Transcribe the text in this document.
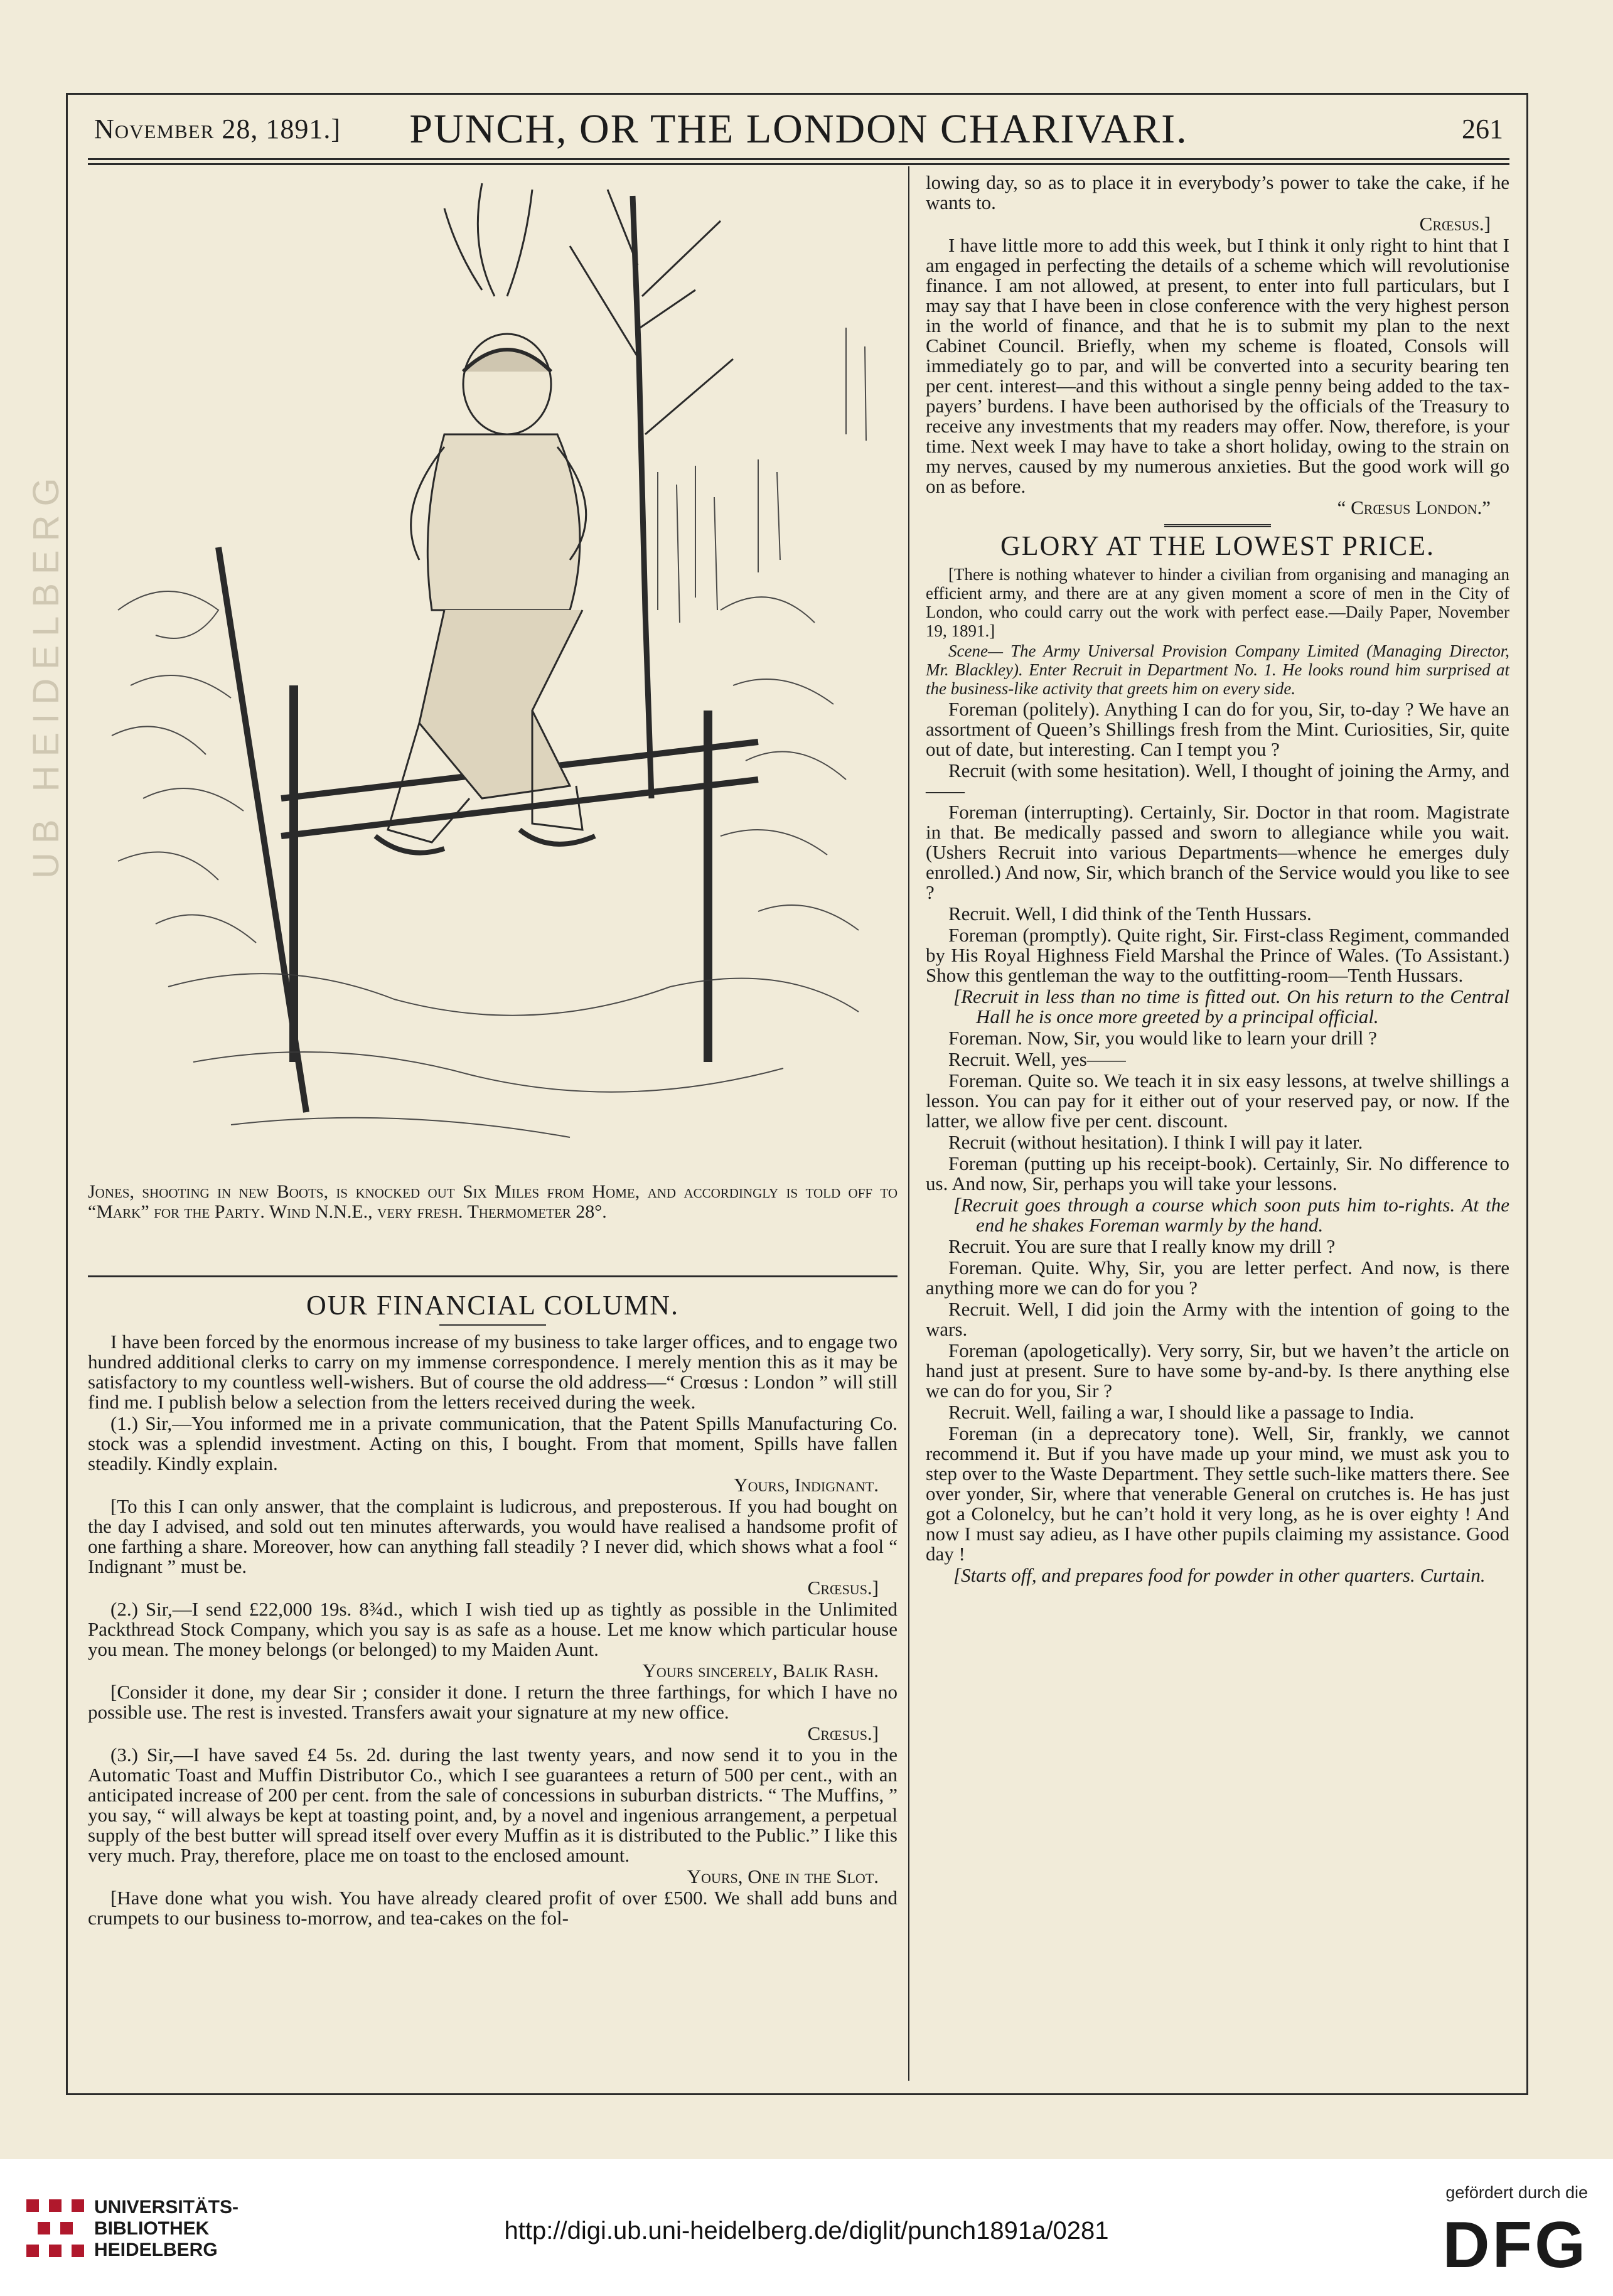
November 28, 1891.]	PUNCH, OR THE LONDON CHARIVARI.	261
UB HEIDELBERG
Jones, shooting in new Boots, is knocked out Six Miles from Home, and accordingly is told off to “Mark” for the Party. Wind N.N.E., very fresh. Thermometer 28°.
OUR FINANCIAL COLUMN.

I have been forced by the enormous increase of my business to take larger offices, and to engage two hundred additional clerks to carry on my immense correspondence. I merely mention this as it may be satisfactory to my countless well-wishers. But of course the old address—“ Crœsus : London ” will still find me. I publish below a selection from the letters received during the week.

(1.) Sir,—You informed me in a private communication, that the Patent Spills Manufacturing Co. stock was a splendid investment. Acting on this, I bought. From that moment, Spills have fallen steadily. Kindly explain.

Yours, Indignant.

[To this I can only answer, that the complaint is ludicrous, and preposterous. If you had bought on the day I advised, and sold out ten minutes afterwards, you would have realised a handsome profit of one farthing a share. Moreover, how can anything fall steadily ? I never did, which shows what a fool “ Indignant ” must be.

Crœsus.]

(2.) Sir,—I send £22,000 19s. 8¾d., which I wish tied up as tightly as possible in the Unlimited Packthread Stock Company, which you say is as safe as a house. Let me know which particular house you mean. The money belongs (or belonged) to my Maiden Aunt.

Yours sincerely, Balik Rash.

[Consider it done, my dear Sir ; consider it done. I return the three farthings, for which I have no possible use. The rest is invested. Transfers await your signature at my new office.

Crœsus.]

(3.) Sir,—I have saved £4 5s. 2d. during the last twenty years, and now send it to you in the Automatic Toast and Muffin Distributor Co., which I see guarantees a return of 500 per cent., with an anticipated increase of 200 per cent. from the sale of concessions in suburban districts. “ The Muffins, ” you say, “ will always be kept at toasting point, and, by a novel and ingenious arrangement, a perpetual supply of the best butter will spread itself over every Muffin as it is distributed to the Public.” I like this very much. Pray, therefore, place me on toast to the enclosed amount.

Yours, One in the Slot.

[Have done what you wish. You have already cleared profit of over £500. We shall add buns and crumpets to our business to-morrow, and tea-cakes on the fol-

lowing day, so as to place it in everybody’s power to take the cake, if he wants to.

Crœsus.]

I have little more to add this week, but I think it only right to hint that I am engaged in perfecting the details of a scheme which will revolutionise finance. I am not allowed, at present, to enter into full particulars, but I may say that I have been in close conference with the very highest person in the world of finance, and that he is to submit my plan to the next Cabinet Council. Briefly, when my scheme is floated, Consols will immediately go to par, and will be converted into a security bearing ten per cent. interest—and this without a single penny being added to the tax-payers’ burdens. I have been authorised by the officials of the Treasury to receive any investments that my readers may offer. Now, therefore, is your time. Next week I may have to take a short holiday, owing to the strain on my nerves, caused by my numerous anxieties. But the good work will go on as before.

“ Crœsus London.”

GLORY AT THE LOWEST PRICE.

[There is nothing whatever to hinder a civilian from organising and managing an efficient army, and there are at any given moment a score of men in the City of London, who could carry out the work with perfect ease.—Daily Paper, November 19, 1891.]

Scene— The Army Universal Provision Company Limited (Managing Director, Mr. Blackley). Enter Recruit in Department No. 1. He looks round him surprised at the business-like activity that greets him on every side.

Foreman (politely). Anything I can do for you, Sir, to-day ? We have an assortment of Queen’s Shillings fresh from the Mint. Curiosities, Sir, quite out of date, but interesting. Can I tempt you ?

Recruit (with some hesitation). Well, I thought of joining the Army, and——

Foreman (interrupting). Certainly, Sir. Doctor in that room. Magistrate in that. Be medically passed and sworn to allegiance while you wait. (Ushers Recruit into various Departments—whence he emerges duly enrolled.) And now, Sir, which branch of the Service would you like to see ?

Recruit. Well, I did think of the Tenth Hussars.

Foreman (promptly). Quite right, Sir. First-class Regiment, commanded by His Royal Highness Field Marshal the Prince of Wales. (To Assistant.) Show this gentleman the way to the outfitting-room—Tenth Hussars.

[Recruit in less than no time is fitted out. On his return to the Central Hall he is once more greeted by a principal official.

Foreman. Now, Sir, you would like to learn your drill ?

Recruit. Well, yes——

Foreman. Quite so. We teach it in six easy lessons, at twelve shillings a lesson. You can pay for it either out of your reserved pay, or now. If the latter, we allow five per cent. discount.

Recruit (without hesitation). I think I will pay it later.

Foreman (putting up his receipt-book). Certainly, Sir. No difference to us. And now, Sir, perhaps you will take your lessons.

[Recruit goes through a course which soon puts him to-rights. At the end he shakes Foreman warmly by the hand.

Recruit. You are sure that I really know my drill ?

Foreman. Quite. Why, Sir, you are letter perfect. And now, is there anything more we can do for you ?

Recruit. Well, I did join the Army with the intention of going to the wars.

Foreman (apologetically). Very sorry, Sir, but we haven’t the article on hand just at present. Sure to have some by-and-by. Is there anything else we can do for you, Sir ?

Recruit. Well, failing a war, I should like a passage to India.

Foreman (in a deprecatory tone). Well, Sir, frankly, we cannot recommend it. But if you have made up your mind, we must ask you to step over to the Waste Department. They settle such-like matters there. See over yonder, Sir, where that venerable General on crutches is. He has just got a Colonelcy, but he can’t hold it very long, as he is over eighty ! And now I must say adieu, as I have other pupils claiming my assistance. Good day !

[Starts off, and prepares food for powder in other quarters. Curtain.

UNIVERSITÄTS-
BIBLIOTHEK
HEIDELBERG
http://digi.ub.uni-heidelberg.de/diglit/punch1891a/0281
gefördert durch die
DFG
